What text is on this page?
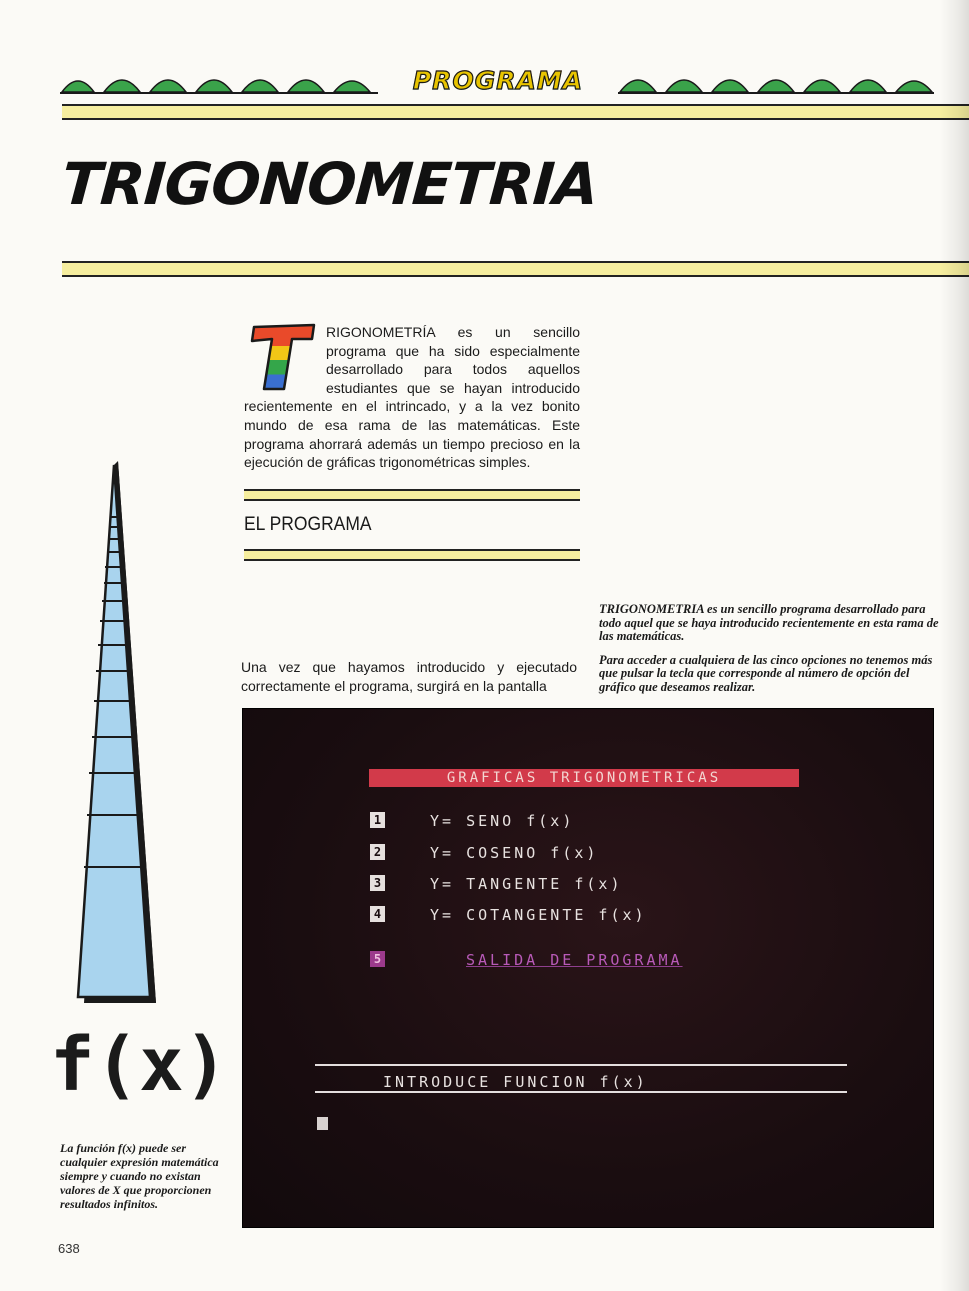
PROGRAMA
TRIGONOMETRIA
RIGONOMETRÍA es un sencillo programa que ha sido especialmente desarrollado para todos aquellos estudiantes que se hayan introducido recientemente en el intrincado, y a la vez bonito mundo de esa rama de las matemáticas. Este programa ahorrará además un tiempo precioso en la ejecución de gráficas trigonométricas simples.
EL PROGRAMA
Una vez que hayamos introducido y ejecutado correctamente el programa, surgirá en la pantalla

TRIGONOMETRIA es un sencillo programa desarrollado para todo aquel que se haya introducido recientemente en esta rama de las matemáticas.

Para acceder a cualquiera de las cinco opciones no tenemos más que pulsar la tecla que corresponde al número de opción del gráfico que deseamos realizar.

GRAFICAS TRIGONOMETRICAS
1	Y= SENO f(x)
2	Y= COSENO f(x)
3	Y= TANGENTE f(x)
4	Y= COTANGENTE f(x)
5	SALIDA DE PROGRAMA
INTRODUCE FUNCION f(x)
f(x)
La función f(x) puede ser cualquier expresión matemática siempre y cuando no existan valores de X que proporcionen resultados infinitos.
638
